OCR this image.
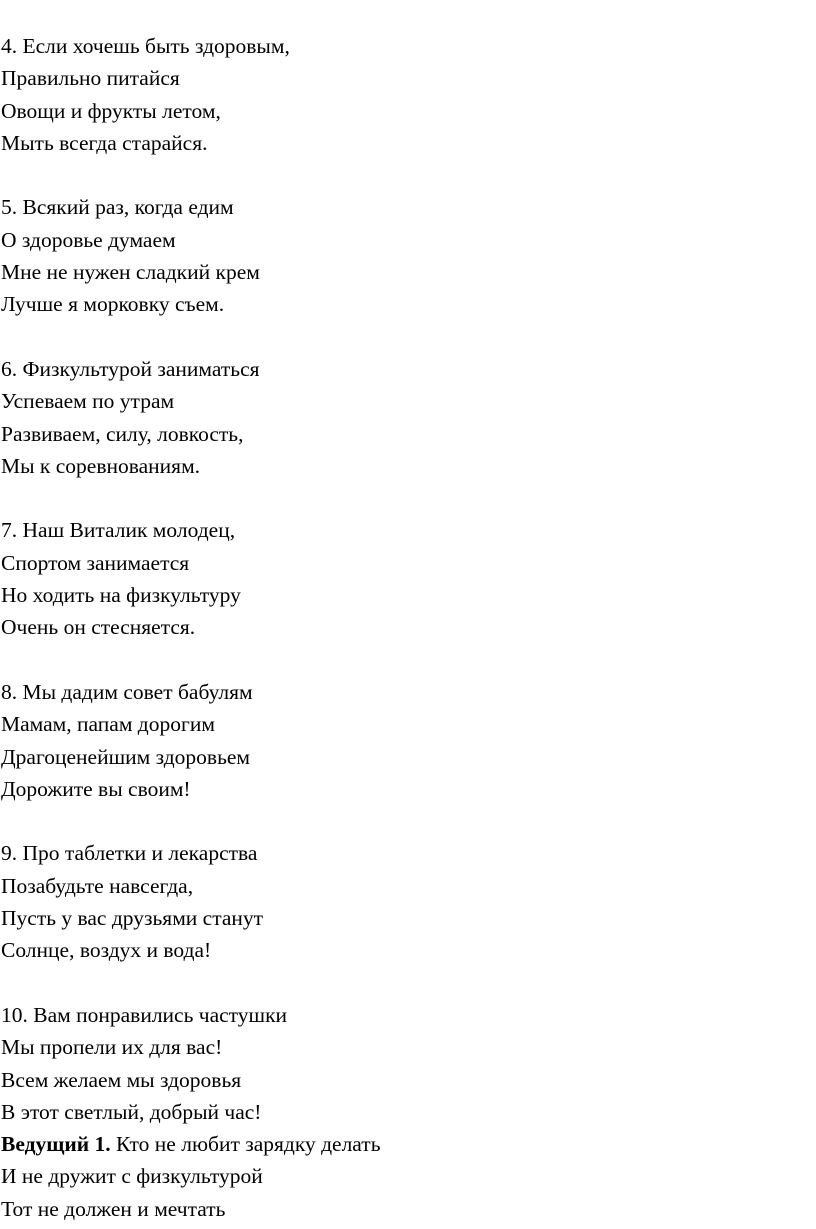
4. Если хочешь быть здоровым,
Правильно питайся
Овощи и фрукты летом,
Мыть всегда старайся.
5. Всякий раз, когда едим
О здоровье думаем
Мне не нужен сладкий крем
Лучше я морковку съем.
6. Физкультурой заниматься
Успеваем по утрам
Развиваем, силу, ловкость,
Мы к соревнованиям.
7. Наш Виталик молодец,
Спортом занимается
Но ходить на физкультуру
Очень он стесняется.
8. Мы дадим совет бабулям
Мамам, папам дорогим
Драгоценейшим здоровьем
Дорожите вы своим!
9. Про таблетки и лекарства
Позабудьте навсегда,
Пусть у вас друзьями станут
Солнце, воздух и вода!
10. Вам понравились частушки
Мы пропели их для вас!
Всем желаем мы здоровья
В этот светлый, добрый час!
Ведущий 1. Кто не любит зарядку делать
И не дружит с физкультурой
Тот не должен и мечтать
